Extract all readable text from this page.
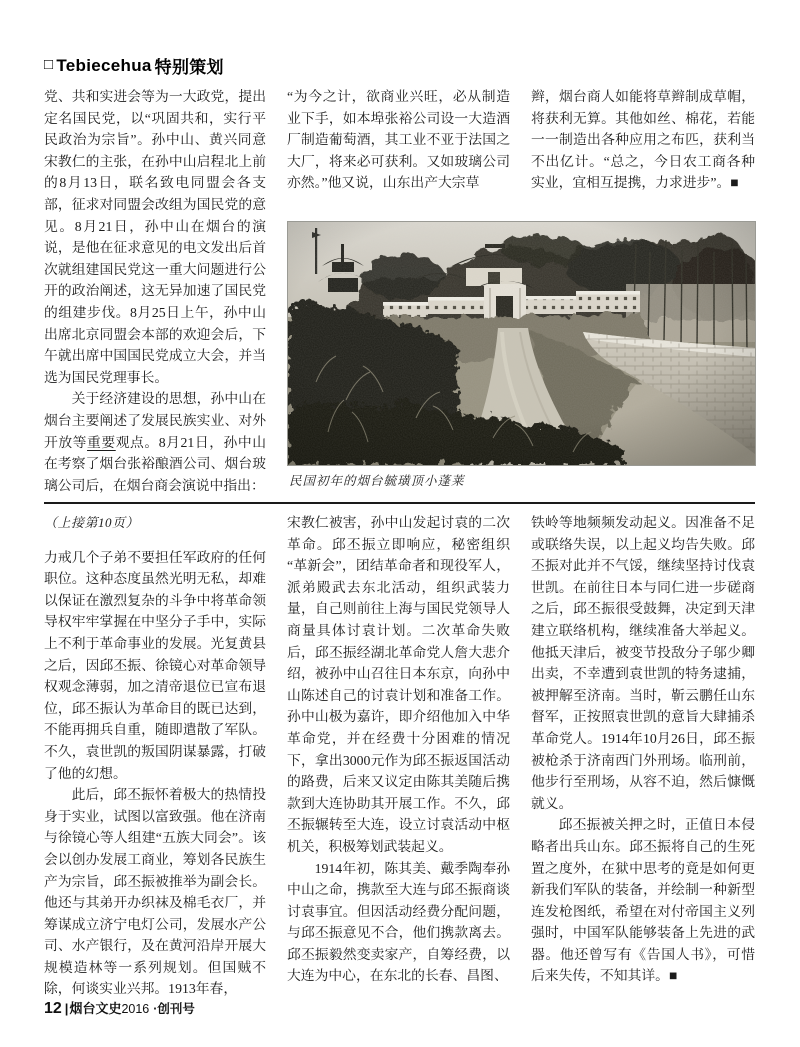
□ Tebiecehua 特别策划

党、共和实进会等为一大政党，提出定名国民党，以“巩固共和，实行平民政治为宗旨”。孙中山、黄兴同意宋教仁的主张，在孙中山启程北上前的8月13日，联名致电同盟会各支部，征求对同盟会改组为国民党的意见。8月21日，孙中山在烟台的演说，是他在征求意见的电文发出后首次就组建国民党这一重大问题进行公开的政治阐述，这无异加速了国民党的组建步伐。8月25日上午，孙中山出席北京同盟会本部的欢迎会后，下午就出席中国国民党成立大会，并当选为国民党理事长。

关于经济建设的思想，孙中山在烟台主要阐述了发展民族实业、对外开放等重要观点。8月21日，孙中山在考察了烟台张裕酿酒公司、烟台玻璃公司后，在烟台商会演说中指出：

“为今之计，欲商业兴旺，必从制造业下手，如本埠张裕公司设一大造酒厂制造葡萄酒，其工业不亚于法国之大厂，将来必可获利。又如玻璃公司亦然。”他又说，山东出产大宗草

辫，烟台商人如能将草辫制成草帽，将获利无算。其他如丝、棉花，若能一一制造出各种应用之布匹，获利当不出亿计。“总之，今日农工商各种实业，宜相互提携，力求进步”。■

民国初年的烟台毓璜顶小蓬莱

（上接第10页）

力戒几个子弟不要担任军政府的任何职位。这种态度虽然光明无私，却难以保证在激烈复杂的斗争中将革命领导权牢牢掌握在中坚分子手中，实际上不利于革命事业的发展。光复黄县之后，因邱丕振、徐镜心对革命领导权观念薄弱，加之清帝退位已宣布退位，邱丕振认为革命目的既已达到，不能再拥兵自重，随即遣散了军队。不久，袁世凯的叛国阴谋暴露，打破了他的幻想。

此后，邱丕振怀着极大的热情投身于实业，试图以富致强。他在济南与徐镜心等人组建“五族大同会”。该会以创办发展工商业，筹划各民族生产为宗旨，邱丕振被推举为副会长。他还与其弟开办织袜及棉毛衣厂，并筹谋成立济宁电灯公司，发展水产公司、水产银行，及在黄河沿岸开展大规模造林等一系列规划。但国贼不除，何谈实业兴邦。1913年春，

宋教仁被害，孙中山发起讨袁的二次革命。邱丕振立即响应，秘密组织“革新会”，团结革命者和现役军人，派弟殿武去东北活动，组织武装力量，自己则前往上海与国民党领导人商量具体讨袁计划。二次革命失败后，邱丕振经湖北革命党人詹大悲介绍，被孙中山召往日本东京，向孙中山陈述自己的讨袁计划和准备工作。孙中山极为嘉许，即介绍他加入中华革命党，并在经费十分困难的情况下，拿出3000元作为邱丕振返国活动的路费，后来又议定由陈其美随后携款到大连协助其开展工作。不久，邱丕振辗转至大连，设立讨袁活动中枢机关，积极筹划武装起义。

1914年初，陈其美、戴季陶奉孙中山之命，携款至大连与邱丕振商谈讨袁事宜。但因活动经费分配问题，与邱丕振意见不合，他们携款离去。邱丕振毅然变卖家产，自筹经费，以大连为中心，在东北的长春、昌图、

铁岭等地频频发动起义。因准备不足或联络失误，以上起义均告失败。邱丕振对此并不气馁，继续坚持讨伐袁世凯。在前往日本与同仁进一步磋商之后，邱丕振很受鼓舞，决定到天津建立联络机构，继续准备大举起义。他抵天津后，被变节投敌分子邬少卿出卖，不幸遭到袁世凯的特务逮捕，被押解至济南。当时，靳云鹏任山东督军，正按照袁世凯的意旨大肆捕杀革命党人。1914年10月26日，邱丕振被枪杀于济南西门外刑场。临刑前，他步行至刑场，从容不迫，然后慷慨就义。

邱丕振被关押之时，正值日本侵略者出兵山东。邱丕振将自己的生死置之度外，在狱中思考的竟是如何更新我们军队的装备，并绘制一种新型连发枪图纸，希望在对付帝国主义列强时，中国军队能够装备上先进的武器。他还曾写有《告国人书》，可惜后来失传，不知其详。■

12 | 烟台文史 2016 ·创刊号
